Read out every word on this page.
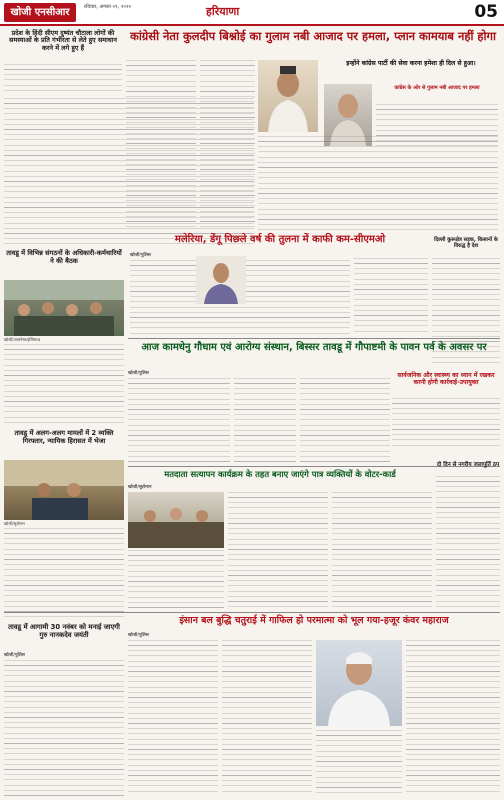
खोजी एनसीआर	रविवार, अगस्त ०९, २०२०	हरियाणा	05
प्रदेश के हिंदी सीएम दुष्यंत चौटाला लोगों की समस्याओं के प्रति गंभीरता से लेते हुए समाधान करने में लगे हुए हैं
कांग्रेसी नेता कुलदीप बिश्नोई का गुलाम नबी आजाद पर हमला, प्लान कामयाब नहीं होगा
इन्होंने कांग्रेस पार्टी की सेवा करना हमेशा ही दिल से हुआ।
कांग्रेस के ओर से गुलाम नबी आजाद पर हमला
मलेरिया, डेंगू पिछले वर्ष की तुलना में काफी कम-सीएमओ
खोजी/पुलिस
दिल्ली कुरूक्षेत्र सड़क, किसानों के विरुद्ध है देश
तावडू में विभिन्न संगठनों के अधिकारी-कर्मचारियों ने की बैठक
खोजी/आमनेसा/इम्तियाज़
आज कामधेनु गौधाम एवं आरोग्य संस्थान, बिस्सर तावडू में गौपाष्टमी के पावन पर्व के अवसर पर
खोजी/पुलिस	सार्वजनिक और स्वास्थ्य का ध्यान में रखकर करनी होगी कार्रवाई-उपायुक्त
तावडू में अलग-अलग मामलों में 2 व्यक्ति गिरफ्तार, न्यायिक हिरासत में भेजा
खोजी/सुलेमान
मतदाता सत्यापन कार्यक्रम के तहत बनाए जाएंगे पात्र व्यक्तियों के वोटर-कार्ड
खोजी/सुलेमान
दो दिन से नगरीय जलापूर्ति ठप
इंसान बल बुद्धि चतुराई में गाफिल हो परमात्मा को भूल गया-हजूर कंवर महाराज
खोजी/पुलिस
तावडू में आगामी 30 नवंबर को मनाई जाएगी गुरु नानकदेव जयंती
खोजी/पुलिस
